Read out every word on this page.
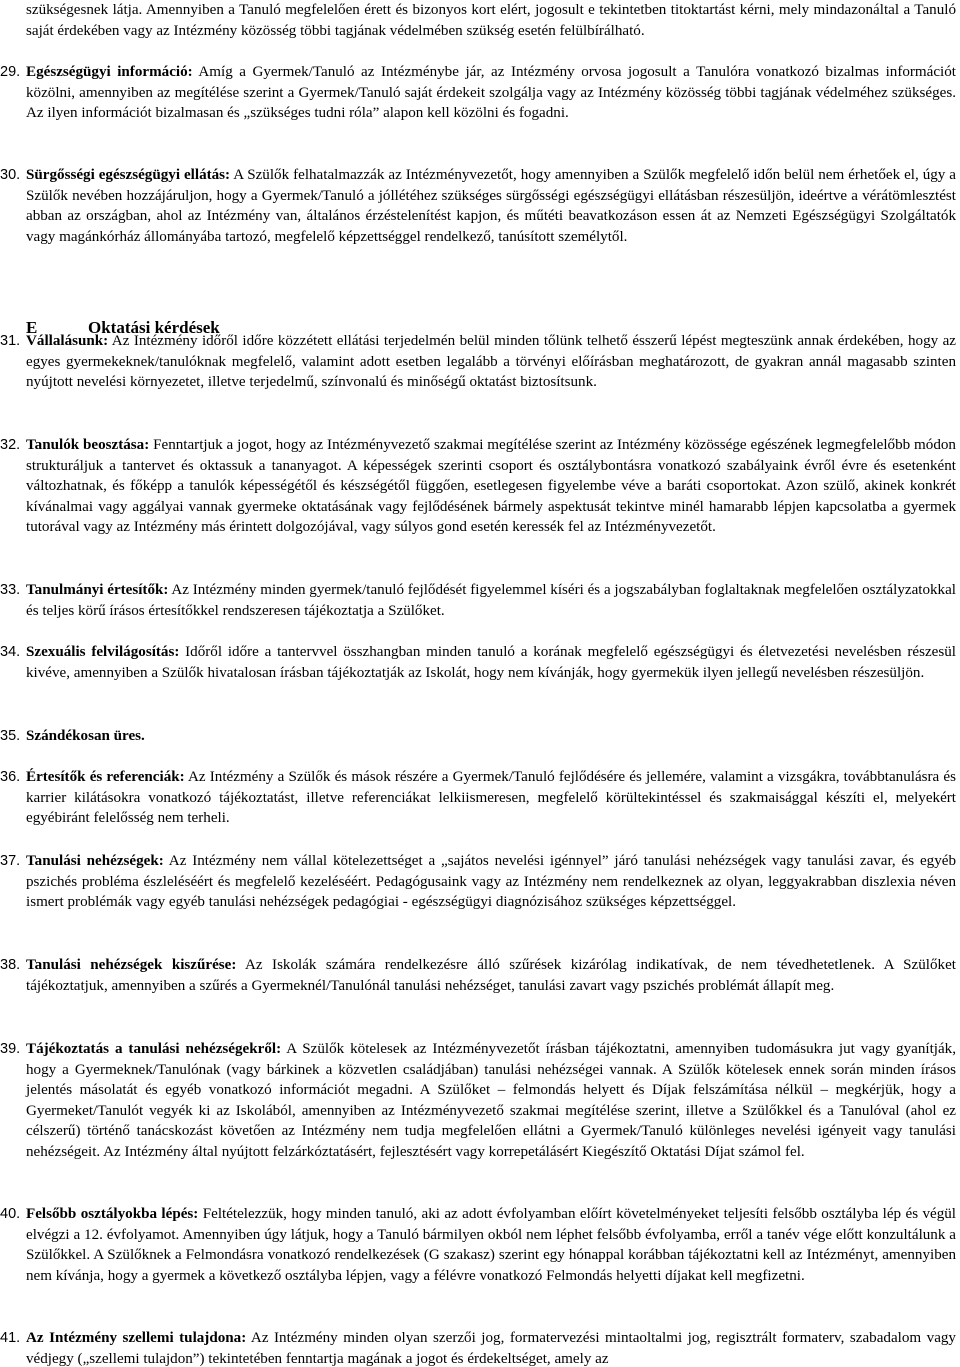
szükségesnek látja. Amennyiben a Tanuló megfelelően érett és bizonyos kort elért, jogosult e tekintetben titoktartást kérni, mely mindazonáltal a Tanuló saját érdekében vagy az Intézmény közösség többi tagjának védelmében szükség esetén felülbírálható.

29. Egészségügyi információ: Amíg a Gyermek/Tanuló az Intézménybe jár, az Intézmény orvosa jogosult a Tanulóra vonatkozó bizalmas információt közölni, amennyiben az megítélése szerint a Gyermek/Tanuló saját érdekeit szolgálja vagy az Intézmény közösség többi tagjának védelméhez szükséges. Az ilyen információt bizalmasan és „szükséges tudni róla” alapon kell közölni és fogadni.
30. Sürgősségi egészségügyi ellátás: A Szülők felhatalmazzák az Intézményvezetőt, hogy amennyiben a Szülők megfelelő időn belül nem érhetőek el, úgy a Szülők nevében hozzájáruljon, hogy a Gyermek/Tanuló a jóllétéhez szükséges sürgősségi egészségügyi ellátásban részesüljön, ideértve a vérátömlesztést abban az országban, ahol az Intézmény van, általános érzéstelenítést kapjon, és műtéti beavatkozáson essen át az Nemzeti Egészségügyi Szolgáltatók vagy magánkórház állományába tartozó, megfelelő képzettséggel rendelkező, tanúsított személytől.
E	Oktatási kérdések
31. Vállalásunk: Az Intézmény időről időre közzétett ellátási terjedelmén belül minden tőlünk telhető ésszerű lépést megteszünk annak érdekében, hogy az egyes gyermekeknek/tanulóknak megfelelő, valamint adott esetben legalább a törvényi előírásban meghatározott, de gyakran annál magasabb szinten nyújtott nevelési környezetet, illetve terjedelmű, színvonalú és minőségű oktatást biztosítsunk.
32. Tanulók beosztása: Fenntartjuk a jogot, hogy az Intézményvezető szakmai megítélése szerint az Intézmény közössége egészének legmegfelelőbb módon strukturáljuk a tantervet és oktassuk a tananyagot. A képességek szerinti csoport és osztálybontásra vonatkozó szabályaink évről évre és esetenként változhatnak, és főképp a tanulók képességétől és készségétől függően, esetlegesen figyelembe véve a baráti csoportokat. Azon szülő, akinek konkrét kívánalmai vagy aggályai vannak gyermeke oktatásának vagy fejlődésének bármely aspektusát tekintve minél hamarabb lépjen kapcsolatba a gyermek tutorával vagy az Intézmény más érintett dolgozójával, vagy súlyos gond esetén keressék fel az Intézményvezetőt.
33. Tanulmányi értesítők: Az Intézmény minden gyermek/tanuló fejlődését figyelemmel kíséri és a jogszabályban foglaltaknak megfelelően osztályzatokkal és teljes körű írásos értesítőkkel rendszeresen tájékoztatja a Szülőket.
34. Szexuális felvilágosítás: Időről időre a tantervvel összhangban minden tanuló a korának megfelelő egészségügyi és életvezetési nevelésben részesül kivéve, amennyiben a Szülők hivatalosan írásban tájékoztatják az Iskolát, hogy nem kívánják, hogy gyermekük ilyen jellegű nevelésben részesüljön.
35. Szándékosan üres.
36. Értesítők és referenciák: Az Intézmény a Szülők és mások részére a Gyermek/Tanuló fejlődésére és jellemére, valamint a vizsgákra, továbbtanulásra és karrier kilátásokra vonatkozó tájékoztatást, illetve referenciákat lelkiismeresen, megfelelő körültekintéssel és szakmaisággal készíti el, melyekért egyébiránt felelősség nem terheli.
37. Tanulási nehézségek: Az Intézmény nem vállal kötelezettséget a „sajátos nevelési igénnyel” járó tanulási nehézségek vagy tanulási zavar, és egyéb pszichés probléma észleléséért és megfelelő kezeléséért. Pedagógusaink vagy az Intézmény nem rendelkeznek az olyan, leggyakrabban diszlexia néven ismert problémák vagy egyéb tanulási nehézségek pedagógiai - egészségügyi diagnózisához szükséges képzettséggel.
38. Tanulási nehézségek kiszűrése: Az Iskolák számára rendelkezésre álló szűrések kizárólag indikatívak, de nem tévedhetetlenek. A Szülőket tájékoztatjuk, amennyiben a szűrés a Gyermeknél/Tanulónál tanulási nehézséget, tanulási zavart vagy pszichés problémát állapít meg.
39. Tájékoztatás a tanulási nehézségekről: A Szülők kötelesek az Intézményvezetőt írásban tájékoztatni, amennyiben tudomásukra jut vagy gyanítják, hogy a Gyermeknek/Tanulónak (vagy bárkinek a közvetlen családjában) tanulási nehézségei vannak. A Szülők kötelesek ennek során minden írásos jelentés másolatát és egyéb vonatkozó információt megadni. A Szülőket – felmondás helyett és Díjak felszámítása nélkül – megkérjük, hogy a Gyermeket/Tanulót vegyék ki az Iskolából, amennyiben az Intézményvezető szakmai megítélése szerint, illetve a Szülőkkel és a Tanulóval (ahol ez célszerű) történő tanácskozást követően az Intézmény nem tudja megfelelően ellátni a Gyermek/Tanuló különleges nevelési igényeit vagy tanulási nehézségeit. Az Intézmény által nyújtott felzárkóztatásért, fejlesztésért vagy korrepetálásért Kiegészítő Oktatási Díjat számol fel.
40. Felsőbb osztályokba lépés: Feltételezzük, hogy minden tanuló, aki az adott évfolyamban előírt követelményeket teljesíti felsőbb osztályba lép és végül elvégzi a 12. évfolyamot. Amennyiben úgy látjuk, hogy a Tanuló bármilyen okból nem léphet felsőbb évfolyamba, erről a tanév vége előtt konzultálunk a Szülőkkel. A Szülőknek a Felmondásra vonatkozó rendelkezések (G szakasz) szerint egy hónappal korábban tájékoztatni kell az Intézményt, amennyiben nem kívánja, hogy a gyermek a következő osztályba lépjen, vagy a félévre vonatkozó Felmondás helyetti díjakat kell megfizetni.
41. Az Intézmény szellemi tulajdona: Az Intézmény minden olyan szerzői jog, formatervezési mintaoltalmi jog, regisztrált formaterv, szabadalom vagy védjegy („szellemi tulajdon”) tekintetében fenntartja magának a jogot és érdekeltséget, amely az
